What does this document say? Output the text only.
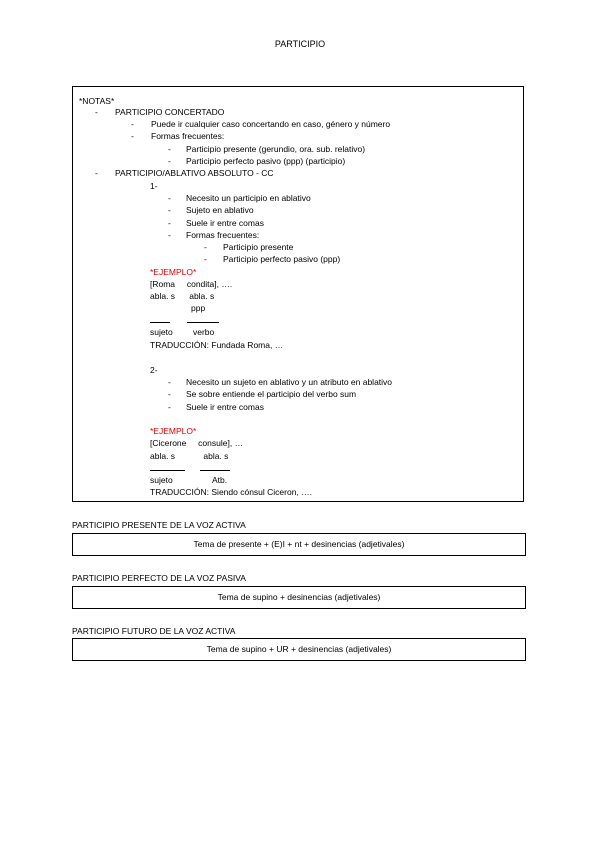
PARTICIPIO
*NOTAS*
- PARTICIPIO CONCERTADO
- Puede ir cualquier caso concertando en caso, género y número
- Formas frecuentes:
- Participio presente (gerundio, ora. sub. relativo)
- Participio perfecto pasivo (ppp) (participio)
- PARTICIPIO/ABLATIVO ABSOLUTO - CC
1-
- Necesito un participio en ablativo
- Sujeto en ablativo
- Suele ir entre comas
- Formas frecuentes:
- Participio presente
- Participio perfecto pasivo (ppp)
*EJEMPLO*
[Roma     condita], ….
abla. s      abla. s
ppp
sujeto verbo
TRADUCCIÓN: Fundada Roma, …
2-
- Necesito un sujeto en ablativo y un atributo en ablativo
- Se sobre entiende el participio del verbo sum
- Suele ir entre comas
*EJEMPLO*
[Cicerone     consule], …
abla. s            abla. s
sujeto	Atb.
TRADUCCIÓN: Siendo cónsul Ciceron, ….
PARTICIPIO PRESENTE DE LA VOZ ACTIVA
Tema de presente + (E)I + nt + desinencias (adjetivales)
PARTICIPIO PERFECTO DE LA VOZ PASIVA
Tema de supino + desinencias (adjetivales)
PARTICIPIO FUTURO DE LA VOZ ACTIVA
Tema de supino + UR + desinencias (adjetivales)
